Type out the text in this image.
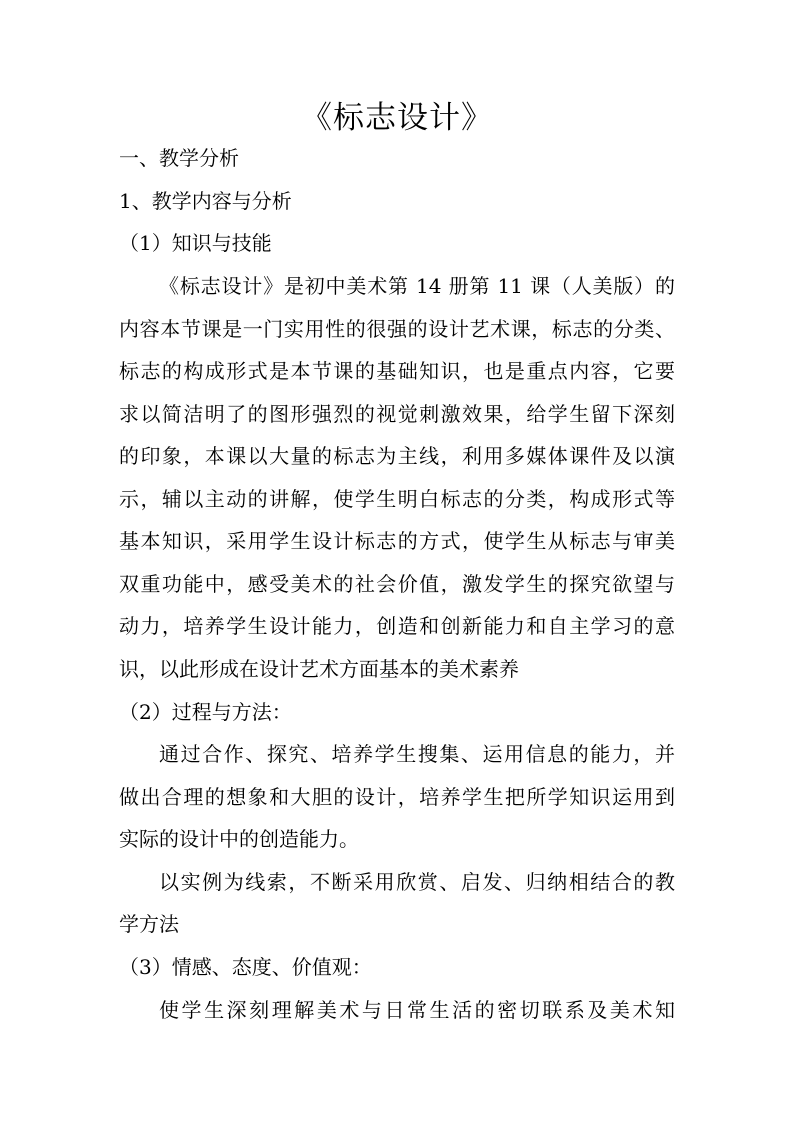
《标志设计》
一、教学分析
1、教学内容与分析
（1）知识与技能
《标志设计》是初中美术第 14 册第 11 课（人美版）的
内容本节课是一门实用性的很强的设计艺术课，标志的分类、
标志的构成形式是本节课的基础知识，也是重点内容，它要
求以简洁明了的图形强烈的视觉刺激效果，给学生留下深刻
的印象，本课以大量的标志为主线，利用多媒体课件及以演
示，辅以主动的讲解，使学生明白标志的分类，构成形式等
基本知识，采用学生设计标志的方式，使学生从标志与审美
双重功能中，感受美术的社会价值，激发学生的探究欲望与
动力，培养学生设计能力，创造和创新能力和自主学习的意
识，以此形成在设计艺术方面基本的美术素养
（2）过程与方法：
通过合作、探究、培养学生搜集、运用信息的能力，并
做出合理的想象和大胆的设计，培养学生把所学知识运用到
实际的设计中的创造能力。
以实例为线索，不断采用欣赏、启发、归纳相结合的教
学方法
（3）情感、态度、价值观：
使学生深刻理解美术与日常生活的密切联系及美术知
